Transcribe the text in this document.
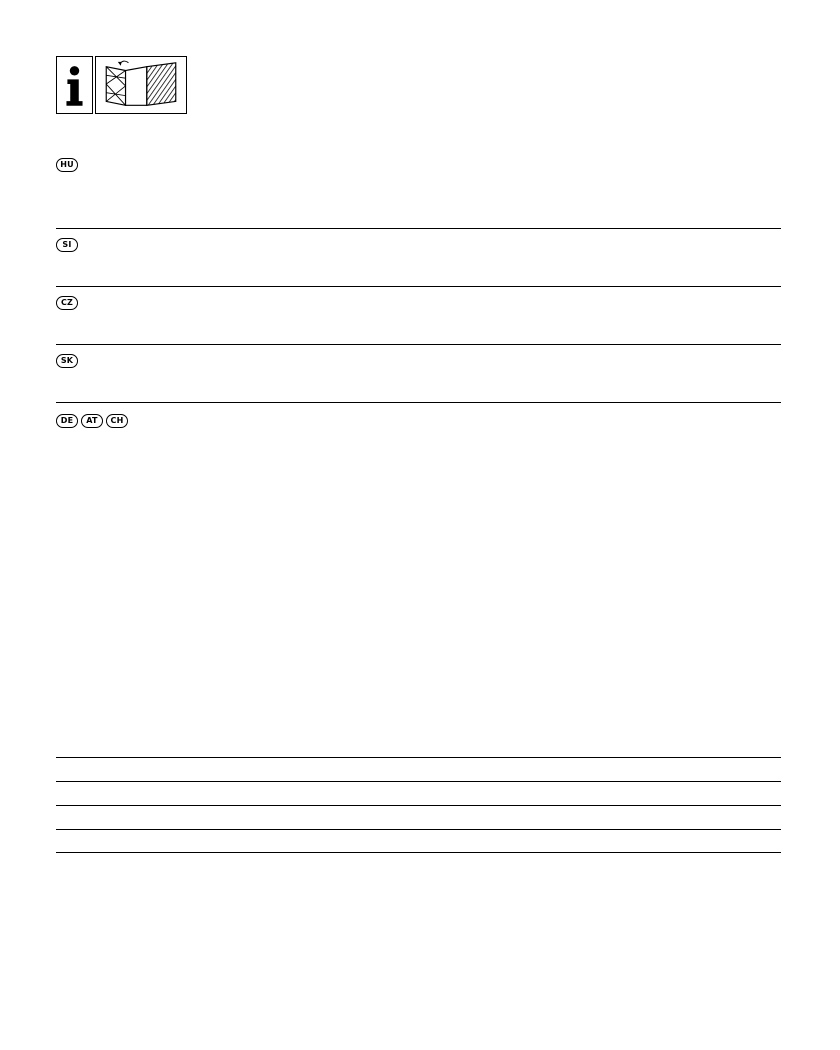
HU
SI
CZ
SK
DE	AT	CH
